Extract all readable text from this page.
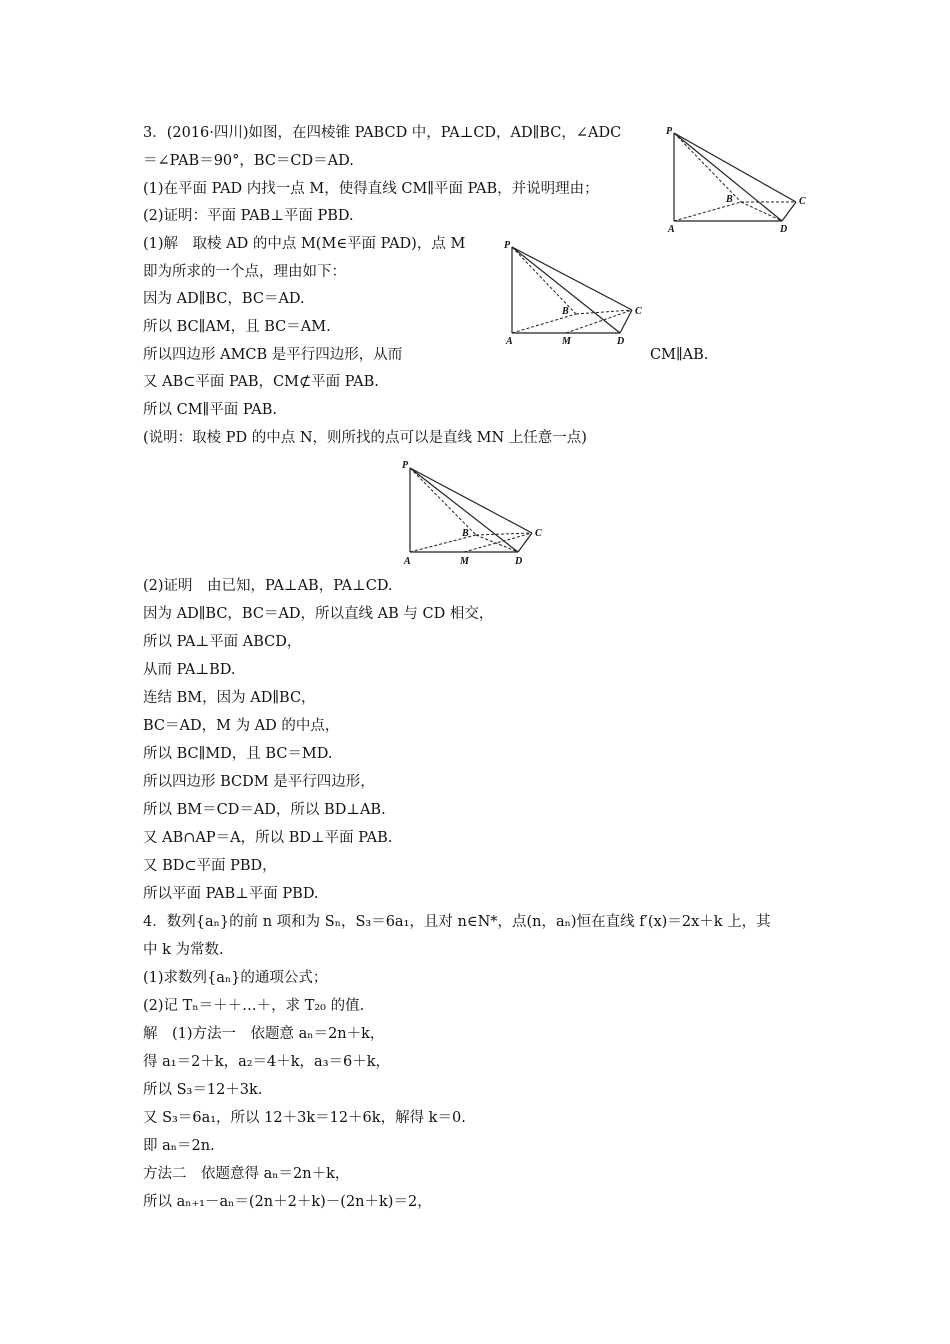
3．(2016·四川)如图，在四棱锥 PABCD 中，PA⊥CD，AD∥BC，∠ADC
＝∠PAB＝90°，BC＝CD＝AD.
(1)在平面 PAD 内找一点 M，使得直线 CM∥平面 PAB，并说明理由；
(2)证明：平面 PAB⊥平面 PBD.
(1)解　取棱 AD 的中点 M(M∈平面 PAD)，点 M
即为所求的一个点，理由如下：
因为 AD∥BC，BC＝AD.
所以 BC∥AM，且 BC＝AM.
所以四边形 AMCB 是平行四边形，从而	CM∥AB.
又 AB⊂平面 PAB，CM⊄平面 PAB.
所以 CM∥平面 PAB.
(说明：取棱 PD 的中点 N，则所找的点可以是直线 MN 上任意一点)
(2)证明　由已知，PA⊥AB，PA⊥CD.
因为 AD∥BC，BC＝AD，所以直线 AB 与 CD 相交，
所以 PA⊥平面 ABCD，
从而 PA⊥BD.
连结 BM，因为 AD∥BC，
BC＝AD，M 为 AD 的中点，
所以 BC∥MD，且 BC＝MD.
所以四边形 BCDM 是平行四边形，
所以 BM＝CD＝AD，所以 BD⊥AB.
又 AB∩AP＝A，所以 BD⊥平面 PAB.
又 BD⊂平面 PBD，
所以平面 PAB⊥平面 PBD.
4．数列{aₙ}的前 n 项和为 Sₙ，S₃＝6a₁，且对 n∈N*，点(n，aₙ)恒在直线 f′(x)＝2x＋k 上，其
中 k 为常数.
(1)求数列{aₙ}的通项公式；
(2)记 Tₙ＝＋＋…＋，求 T₂₀ 的值.
解　(1)方法一　依题意 aₙ＝2n＋k，
得 a₁＝2＋k，a₂＝4＋k，a₃＝6＋k，
所以 S₃＝12＋3k.
又 S₃＝6a₁，所以 12＋3k＝12＋6k，解得 k＝0.
即 aₙ＝2n.
方法二　依题意得 aₙ＝2n＋k，
所以 aₙ₊₁－aₙ＝(2n＋2＋k)－(2n＋k)＝2，
P
A
B	C
D
P
A
B	C
D
M
P
A
B	C
D
M
